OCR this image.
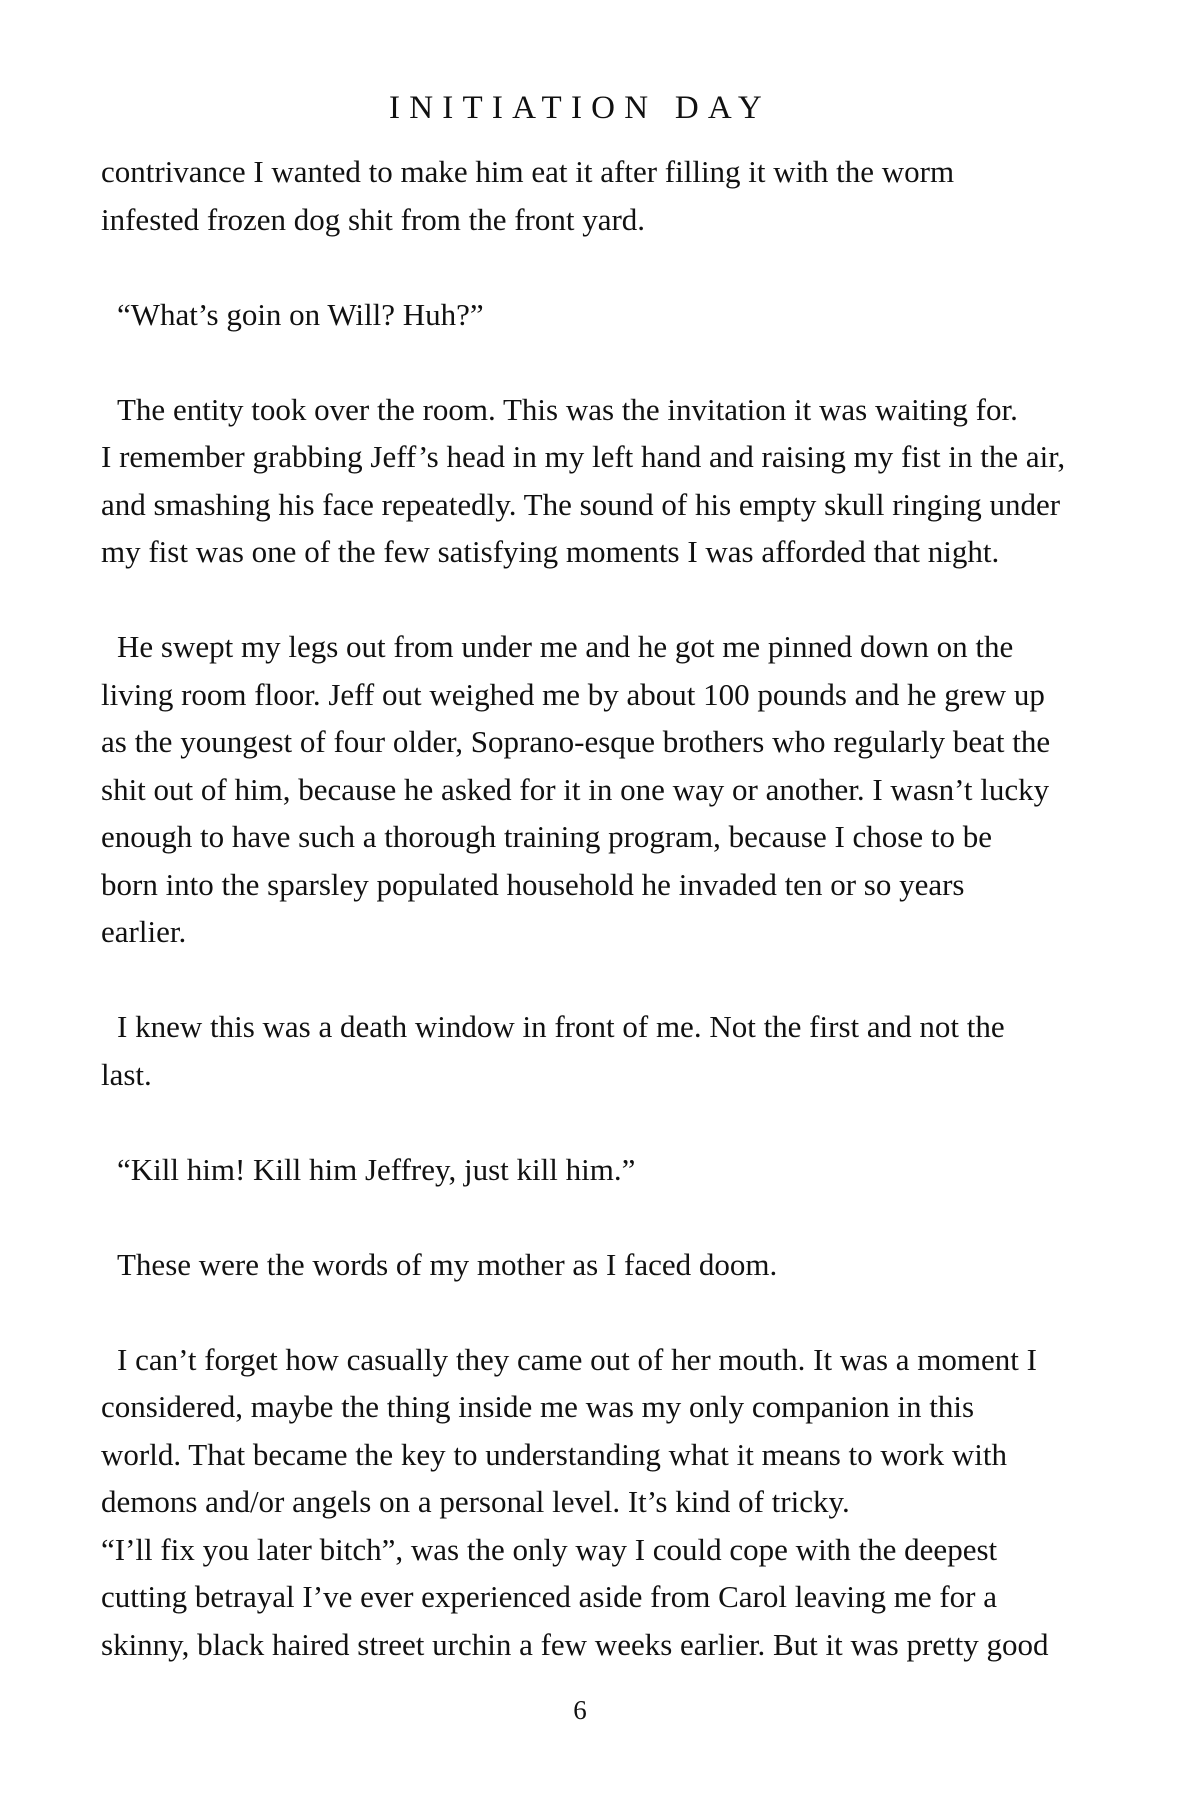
INITIATION DAY
contrivance I wanted to make him eat it after filling it with the worm
infested frozen dog shit from the front yard.
“What’s goin on Will? Huh?”
The entity took over the room. This was the invitation it was waiting for.
I remember grabbing Jeff’s head in my left hand and raising my fist in the air,
and smashing his face repeatedly. The sound of his empty skull ringing under
my fist was one of the few satisfying moments I was afforded that night.
He swept my legs out from under me and he got me pinned down on the
living room floor. Jeff out weighed me by about 100 pounds and he grew up
as the youngest of four older, Soprano-esque brothers who regularly beat the
shit out of him, because he asked for it in one way or another. I wasn’t lucky
enough to have such a thorough training program, because I chose to be
born into the sparsley populated household he invaded ten or so years
earlier.
I knew this was a death window in front of me. Not the first and not the
last.
“Kill him! Kill him Jeffrey, just kill him.”
These were the words of my mother as I faced doom.
I can’t forget how casually they came out of her mouth. It was a moment I
considered, maybe the thing inside me was my only companion in this
world. That became the key to understanding what it means to work with
demons and/or angels on a personal level. It’s kind of tricky.
“I’ll fix you later bitch”, was the only way I could cope with the deepest
cutting betrayal I’ve ever experienced aside from Carol leaving me for a
skinny, black haired street urchin a few weeks earlier. But it was pretty good
6
